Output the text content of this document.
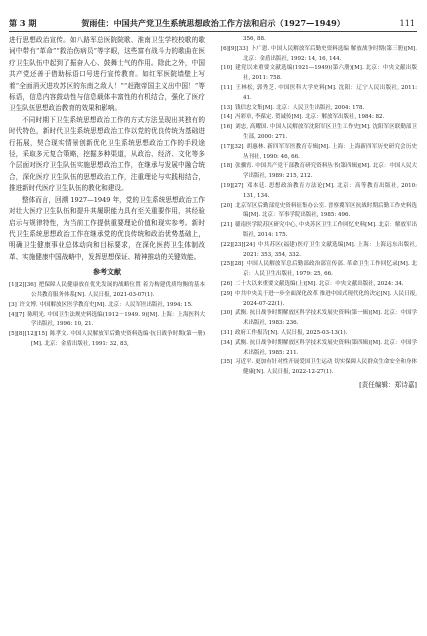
第 3 期	贺雨佳：中国共产党卫生系统思想政治工作方法和启示（1927—1949）	111

进行思想政治宣传。如八路军总医院院歌、淮南卫生学校校歌的歌词中带有“革命”“救治伤病员”等字眼，这些富有战斗力的歌曲在医疗卫生队伍中起到了振奋人心、鼓舞士气的作用。除此之外，中国共产党还善于借助标语口号进行宣传教育。如红军医院墙壁上写着“全面消灭进攻苏区的东南之敌人！”“赶跑帝国主义出中国！”等标语，信息内容鼓动性与信息载体丰富性的有机结合，强化了医疗卫生队伍思想政治教育的效果和影响。

不同时期下卫生系统思想政治工作的方式方法呈现出其独有的时代特色，新时代卫生系统思想政治工作以党的优良传统为基础进行拓展，契合现实情景创新优化卫生系统思想政治工作的手段途径，采取多元复合策略，挖掘多种渠道，从政治、经济、文化等多个层面对医疗卫生队伍实施思想政治工作，在继承与发展中融合统合，深化医疗卫生队伍的思想政治工作，注重理论与实践相结合，推进新时代医疗卫生队伍的教化和建设。

整体而言，回溯 1927—1949 年，党的卫生系统思想政治工作对壮大医疗卫生队伍和提升其履职能力具有至关重要作用，其经验启示与规律特性，为当前工作提供重要理论价值和现实参考。新时代卫生系统思想政治工作在继承党的优良传统和政治优势基础上，明确卫生健康事业总体动向和目标要求，在深化医药卫生体制改革、实施健康中国战略中，发挥思想保证、精神推动的关键效能。

参考文献

[1][2][36]  把保障人民健康放在优先发展的战略位置 着力构建优质均衡的基本公共教育服务体系[N]. 人民日报, 2021-03-07(1).

[3]  许文博. 中国解放区医学教育史[M]. 北京：人民军医出版社, 1994: 15.

[4][7]  陈明光. 中国卫生法规史料选编(1912－1949. 9)[M]. 上海：上海医科大学出版社, 1996: 10, 21.

[5][8][12][15]  陈孝文. 中国人民解放军后勤史资料选编·抗日战争时期(第一册)[M]. 北京：金盾出版社, 1991: 32, 83,

356, 88.

[6][9][33]  卜广恩. 中国人民解放军后勤史资料选编 解放战争时期(第三册)[M]. 北京：金盾出版社, 1992: 14, 16, 144.

[10]  建党以来重要文献选编(1921—1949)(第六册)[M]. 北京：中央文献出版社, 2011: 758.

[11]  王林松, 郭秀芝. 中国医科大学史料[M]. 沈阳：辽宁人民出版社, 2011: 41.

[13]  钱信忠文集[M]. 北京：人民卫生出版社, 2004: 178.

[14]  冯彩章, 李葆定. 贺诚传[M]. 北京：解放军出版社, 1984: 82.

[16]  刘忠, 高耀国. 中国人民解放军沈阳军区卫生工作史[M]. 沈阳军区联勤部卫生部, 2000: 271.

[17][32]  胡惠林. 新四军军医教育专辑[M]. 上海：上海新四军历史研究会历史丛刊社, 1990: 46, 66.

[18]  张骥宵. 中国共产党干部教育研究资料丛书(第四辑)[M]. 北京：中国人民大学出版社, 1989: 215, 212.

[19][27]  邓本廷. 思想政治教育方法论[M]. 北京：高等教育出版社, 2010: 131, 134.

[20]  北京军区后勤部党史资料征集办公室. 晋察冀军区抗战时期后勤工作史料选编[M]. 北京：军事学院出版社, 1985: 496.

[21]  赣南医学院苏区研究中心, 中央苏区卫生工作回忆史料[M]. 北京：解放军出版社, 2014: 175.

[22][23][24]  中共苏区(福建)医疗卫生文献选编[M]. 上海：上海远东出版社, 2021: 353, 354, 332.

[25][28]  中国人民解放军总后勤部政治部宣传部. 革命卫生工作回忆录[M]. 北京：人民卫生出版社, 1979: 25, 66.

[26]  二十大以来重要文献选编(上)[M]. 北京：中央文献出版社, 2024: 34.

[29]  中共中央关于进一步全面深化改革 推进中国式现代化的决定[N]. 人民日报, 2024-07-22(1).

[30]  武衡. 抗日战争时期解放区科学技术发展史资料(第一辑)[M]. 北京：中国学术出版社, 1983: 236.

[31]  政府工作报告[N]. 人民日报, 2025-03-13(1).

[34]  武衡. 抗日战争时期解放区科学技术发展史资料(第四辑)[M]. 北京：中国学术出版社, 1985: 211.

[35]  习近平. 更加有针对性开展爱国卫生运动 切实保障人民群众生命安全和身体健康[N]. 人民日报, 2022-12-27(1).

[责任编辑：郑诗嘉]
